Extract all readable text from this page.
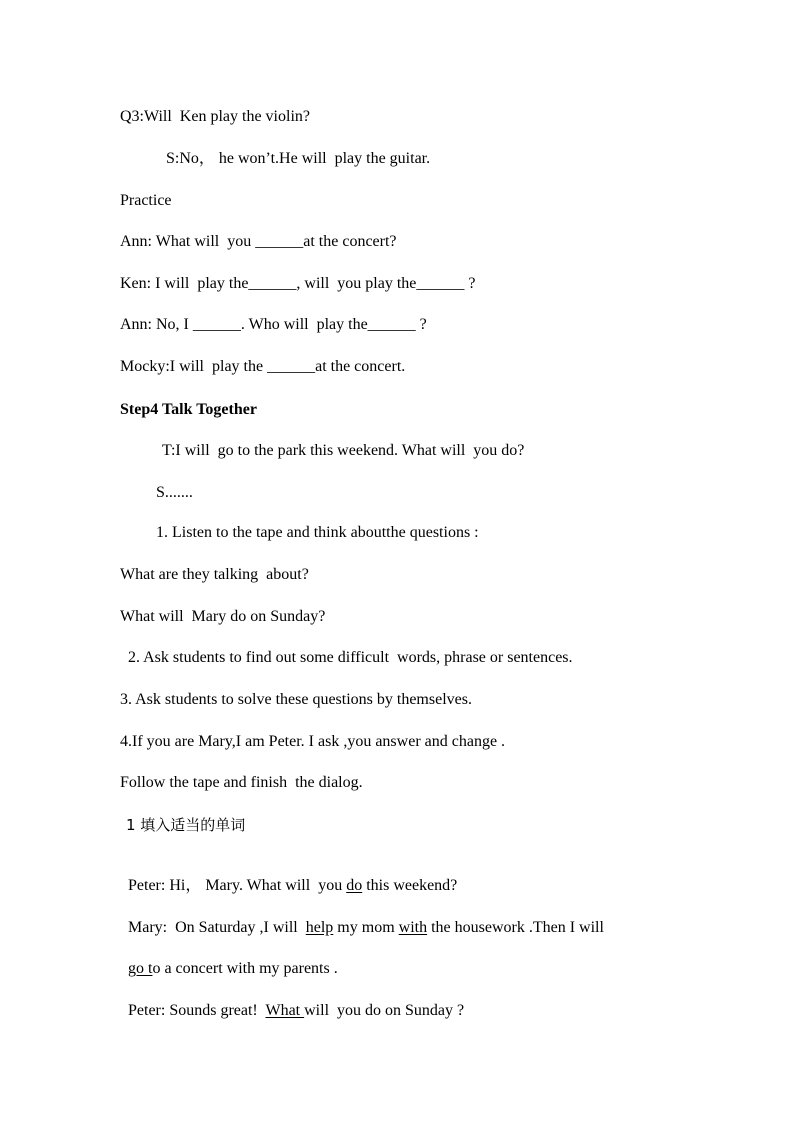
Q3:Will  Ken play the violin?
S:No， he won’t.He will  play the guitar.
Practice
Ann: What will  you ______at the concert?
Ken: I will  play the______, will  you play the______ ?
Ann: No, I ______. Who will  play the______ ?
Mocky:I will  play the ______at the concert.
Step4 Talk Together
T:I will  go to the park this weekend. What will  you do?
S.......
1. Listen to the tape and think aboutthe questions :
What are they talking  about?
What will  Mary do on Sunday?
2. Ask students to find out some difficult  words, phrase or sentences.
3. Ask students to solve these questions by themselves.
4.If you are Mary,I am Peter. I ask ,you answer and change .
Follow the tape and finish  the dialog.
1 填入适当的单词

Peter: Hi， Mary. What will  you do this weekend?

Mary:  On Saturday ,I will  help my mom with the housework .Then I will

go to a concert with my parents .

Peter: Sounds great!  What will  you do on Sunday ?
